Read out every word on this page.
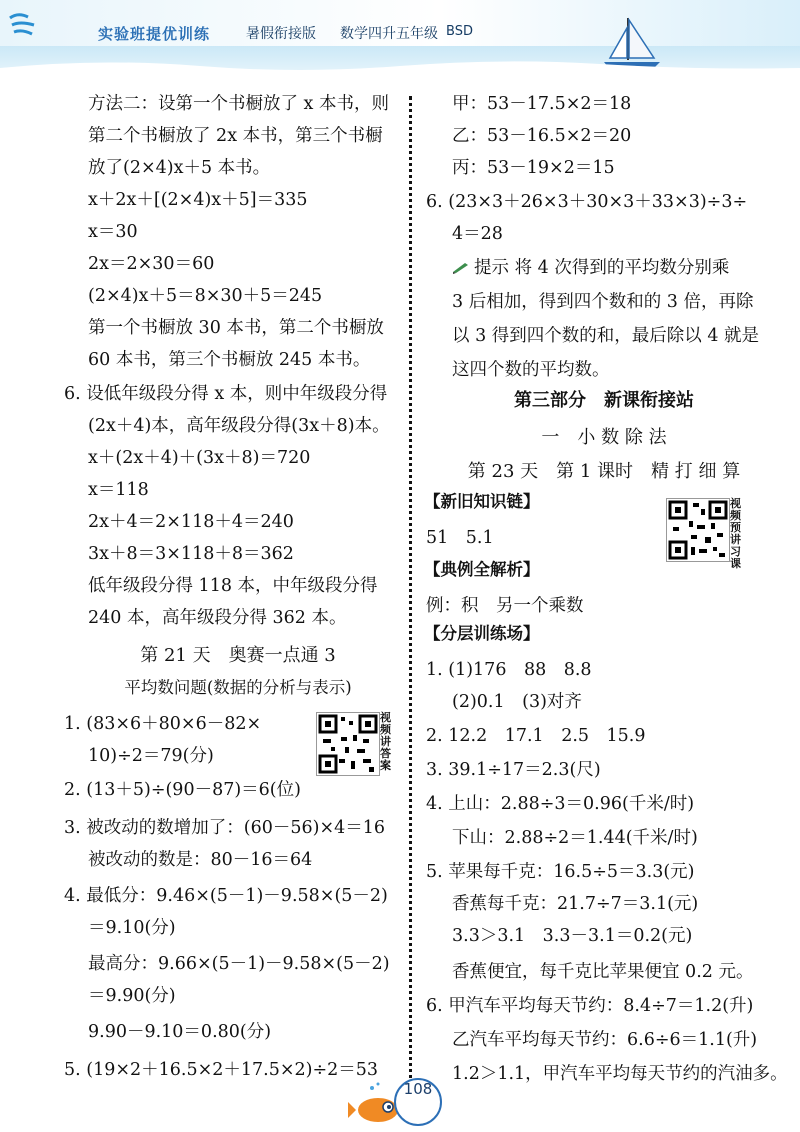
实验班提优训练	暑假衔接版 数学四升五年级 BSD
方法二：设第一个书橱放了 x 本书，则
第二个书橱放了 2x 本书，第三个书橱
放了(2×4)x＋5 本书。
x＋2x＋[(2×4)x＋5]＝335
x＝30
2x＝2×30＝60
(2×4)x＋5＝8×30＋5＝245
第一个书橱放 30 本书，第二个书橱放
60 本书，第三个书橱放 245 本书。
6. 设低年级段分得 x 本，则中年级段分得
(2x＋4)本，高年级段分得(3x＋8)本。
x＋(2x＋4)＋(3x＋8)＝720
x＝118
2x＋4＝2×118＋4＝240
3x＋8＝3×118＋8＝362
低年级段分得 118 本，中年级段分得
240 本，高年级段分得 362 本。
第 21 天　奥赛一点通 3
平均数问题(数据的分析与表示)
1. (83×6＋80×6－82×
10)÷2＝79(分)
视频讲答案
2. (13＋5)÷(90－87)＝6(位)
3. 被改动的数增加了：(60－56)×4＝16
被改动的数是：80－16＝64
4. 最低分：9.46×(5－1)－9.58×(5－2)
＝9.10(分)
最高分：9.66×(5－1)－9.58×(5－2)
＝9.90(分)
9.90－9.10＝0.80(分)
5. (19×2＋16.5×2＋17.5×2)÷2＝53
甲：53－17.5×2＝18
乙：53－16.5×2＝20
丙：53－19×2＝15
6. (23×3＋26×3＋30×3＋33×3)÷3÷
4＝28
提示 将 4 次得到的平均数分别乘
3 后相加，得到四个数和的 3 倍，再除
以 3 得到四个数的和，最后除以 4 就是
这四个数的平均数。
第三部分　新课衔接站
一　小 数 除 法
第 23 天　第 1 课时　精 打 细 算
【新旧知识链】	视频预讲习课
51　5.1
【典例全解析】
例：积　另一个乘数
【分层训练场】
1. (1)176　88　8.8
(2)0.1　(3)对齐
2. 12.2　17.1　2.5　15.9
3. 39.1÷17＝2.3(尺)
4. 上山：2.88÷3＝0.96(千米/时)
下山：2.88÷2＝1.44(千米/时)
5. 苹果每千克：16.5÷5＝3.3(元)
香蕉每千克：21.7÷7＝3.1(元)
3.3＞3.1　3.3－3.1＝0.2(元)
香蕉便宜，每千克比苹果便宜 0.2 元。
6. 甲汽车平均每天节约：8.4÷7＝1.2(升)
乙汽车平均每天节约：6.6÷6＝1.1(升)
1.2＞1.1，甲汽车平均每天节约的汽油多。
108
